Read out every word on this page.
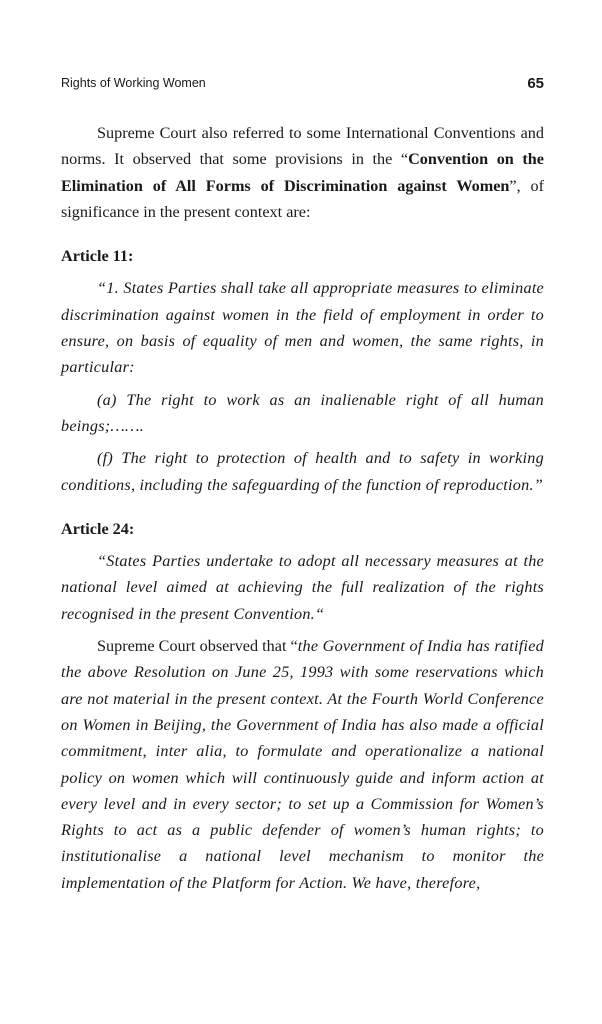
Rights of Working Women	65

Supreme Court also referred to some International Conventions and norms. It observed that some provisions in the “Convention on the Elimination of All Forms of Discrimination against Women”, of significance in the present context are:

Article 11:

“1. States Parties shall take all appropriate measures to eliminate discrimination against women in the field of employment in order to ensure, on basis of equality of men and women, the same rights, in particular:

(a) The right to work as an inalienable right of all human beings;…….

(f) The right to protection of health and to safety in working conditions, including the safeguarding of the function of reproduction.”

Article 24:

“States Parties undertake to adopt all necessary measures at the national level aimed at achieving the full realization of the rights recognised in the present Convention.“

Supreme Court observed that “the Government of India has ratified the above Resolution on June 25, 1993 with some reservations which are not material in the present context. At the Fourth World Conference on Women in Beijing, the Government of India has also made a official commitment, inter alia, to formulate and operationalize a national policy on women which will continuously guide and inform action at every level and in every sector; to set up a Commission for Women’s Rights to act as a public defender of women’s human rights; to institutionalise a national level mechanism to monitor the implementation of the Platform for Action. We have, therefore,
